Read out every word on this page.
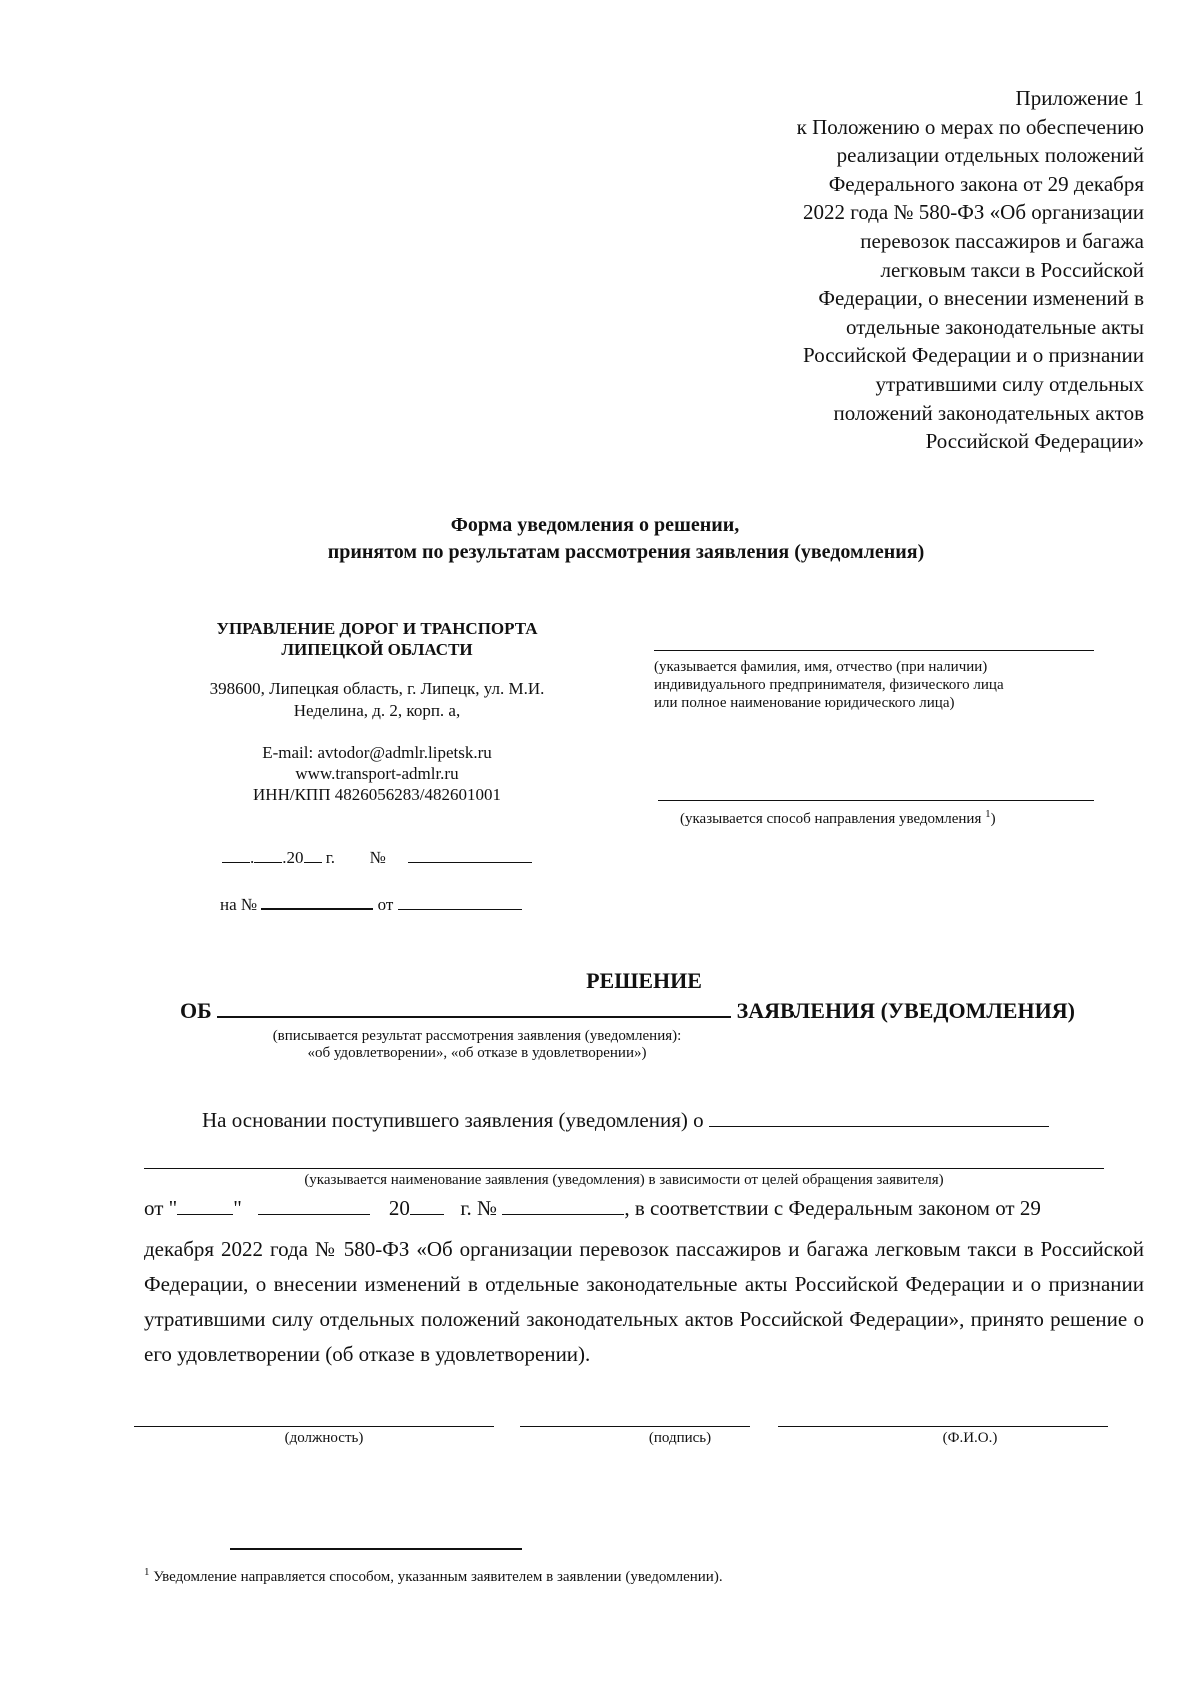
Приложение 1
к Положению о мерах по обеспечению
реализации отдельных положений
Федерального закона от 29 декабря
2022 года № 580-ФЗ «Об организации
перевозок пассажиров и багажа
легковым такси в Российской
Федерации, о внесении изменений в
отдельные законодательные акты
Российской Федерации и о признании
утратившими силу отдельных
положений законодательных актов
Российской Федерации»
Форма уведомления о решении,
принятом по результатам рассмотрения заявления (уведомления)
УПРАВЛЕНИЕ ДОРОГ И ТРАНСПОРТА
ЛИПЕЦКОЙ ОБЛАСТИ
398600, Липецкая область, г. Липецк, ул. М.И.
Неделина, д. 2, корп. а,
E-mail: avtodor@admlr.lipetsk.ru
www.transport-admlr.ru
ИНН/КПП 4826056283/482601001
. .20 г. №
на №	от
(указывается фамилия, имя, отчество (при наличии)
индивидуального предпринимателя, физического лица
или полное наименование юридического лица)
(указывается способ направления уведомления $^1$)
РЕШЕНИЕ
ОБ	ЗАЯВЛЕНИЯ (УВЕДОМЛЕНИЯ)
(вписывается результат рассмотрения заявления (уведомления):
«об удовлетворении», «об отказе в удовлетворении»)
На основании поступившего заявления (уведомления) о
(указывается наименование заявления (уведомления) в зависимости от целей обращения заявителя)
от "	"	20 г. №	, в соответствии с Федеральным законом от 29
декабря 2022 года № 580-ФЗ «Об организации перевозок пассажиров и багажа легковым такси в Российской Федерации, о внесении изменений в отдельные законодательные акты Российской Федерации и о признании утратившими силу отдельных положений законодательных актов Российской Федерации», принято решение о его удовлетворении (об отказе в удовлетворении).
(должность)	(подпись)	(Ф.И.О.)
$^1$ Уведомление направляется способом, указанным заявителем в заявлении (уведомлении).
